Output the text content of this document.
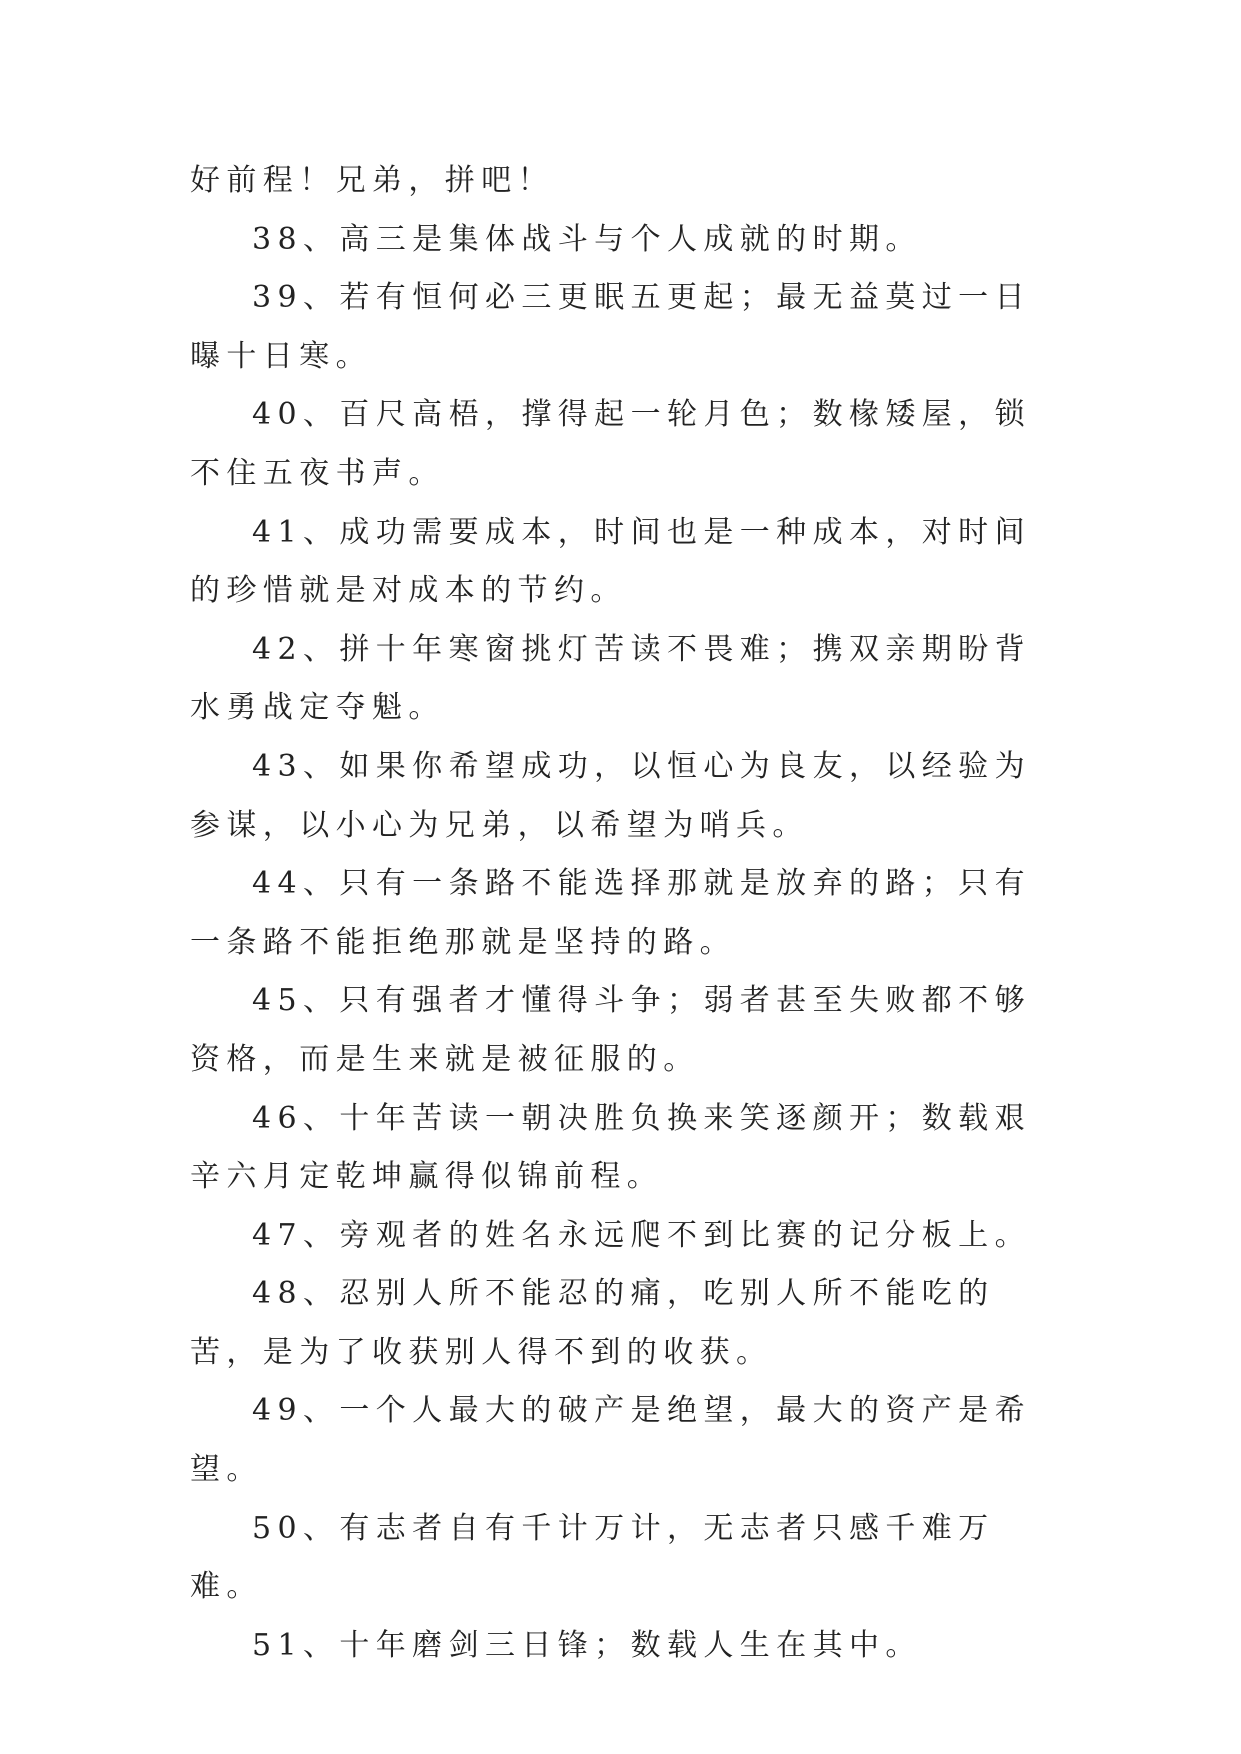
好前程！兄弟，拼吧！

38、高三是集体战斗与个人成就的时期。

39、若有恒何必三更眠五更起；最无益莫过一日曝十日寒。

40、百尺高梧，撑得起一轮月色；数椽矮屋，锁不住五夜书声。

41、成功需要成本，时间也是一种成本，对时间的珍惜就是对成本的节约。

42、拼十年寒窗挑灯苦读不畏难；携双亲期盼背水勇战定夺魁。

43、如果你希望成功，以恒心为良友，以经验为参谋，以小心为兄弟，以希望为哨兵。

44、只有一条路不能选择那就是放弃的路；只有一条路不能拒绝那就是坚持的路。

45、只有强者才懂得斗争；弱者甚至失败都不够资格，而是生来就是被征服的。

46、十年苦读一朝决胜负换来笑逐颜开；数载艰辛六月定乾坤赢得似锦前程。

47、旁观者的姓名永远爬不到比赛的记分板上。

48、忍别人所不能忍的痛，吃别人所不能吃的苦，是为了收获别人得不到的收获。

49、一个人最大的破产是绝望，最大的资产是希望。

50、有志者自有千计万计，无志者只感千难万难。

51、十年磨剑三日锋；数载人生在其中。
